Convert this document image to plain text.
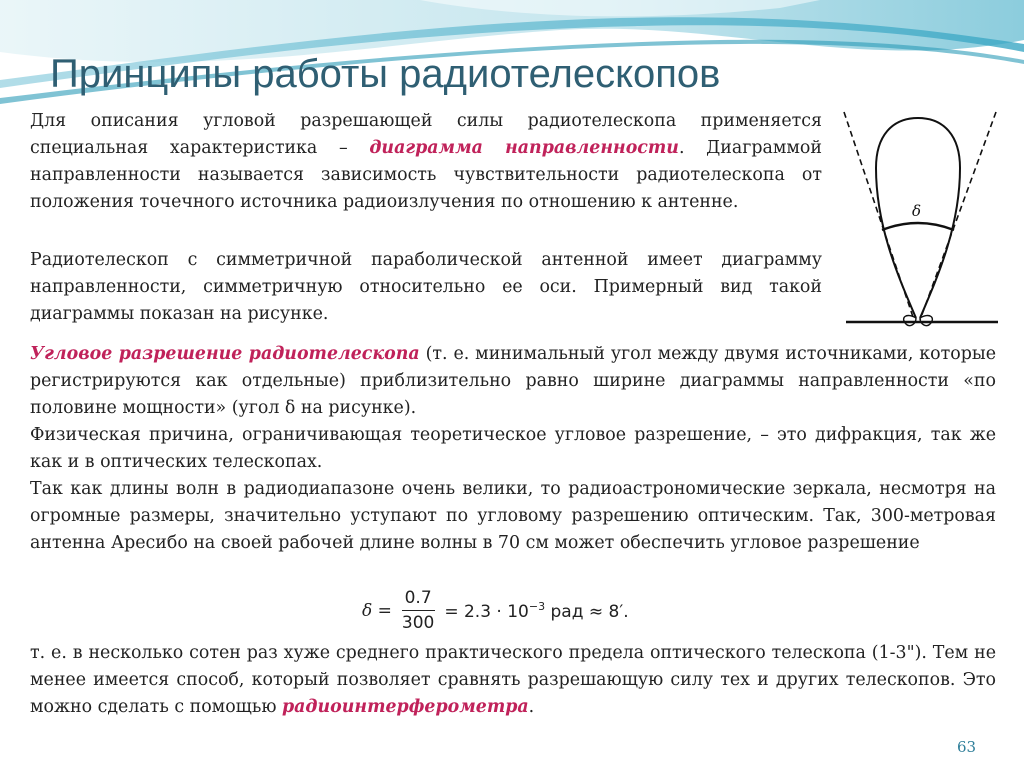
Принципы работы радиотелескопов

Для описания угловой разрешающей силы радиотелескопа применяется специальная характеристика – диаграмма направленности. Диаграммой направленности называется зависимость чувствительности радиотелескопа от положения точечного источника радиоизлучения по отношению к антенне.

Радиотелескоп с симметричной параболической антенной имеет диаграмму направленности, симметричную относительно ее оси. Примерный вид такой диаграммы показан на рисунке.

Угловое разрешение радиотелескопа (т. е. минимальный угол между двумя источниками, которые регистрируются как отдельные) приблизительно равно ширине диаграммы направленности «по половине мощности» (угол δ на рисунке).

Физическая причина, ограничивающая теоретическое угловое разрешение, – это дифракция, так же как и в оптических телескопах.

Так как длины волн в радиодиапазоне очень велики, то радиоастрономические зеркала, несмотря на огромные размеры, значительно уступают по угловому разрешению оптическим. Так, 300-метровая антенна Аресибо на своей рабочей длине волны в 70 см может обеспечить угловое разрешение

$\delta = \frac{0.7}{300} = 2.3 \cdot 10^{-3}$ рад ≈ 8′.

т. е. в несколько сотен раз хуже среднего практического предела оптического телескопа (1-3"). Тем не менее имеется способ, который позволяет сравнять разрешающую силу тех и других телескопов. Это можно сделать с помощью радиоинтерферометра.

δ
63
